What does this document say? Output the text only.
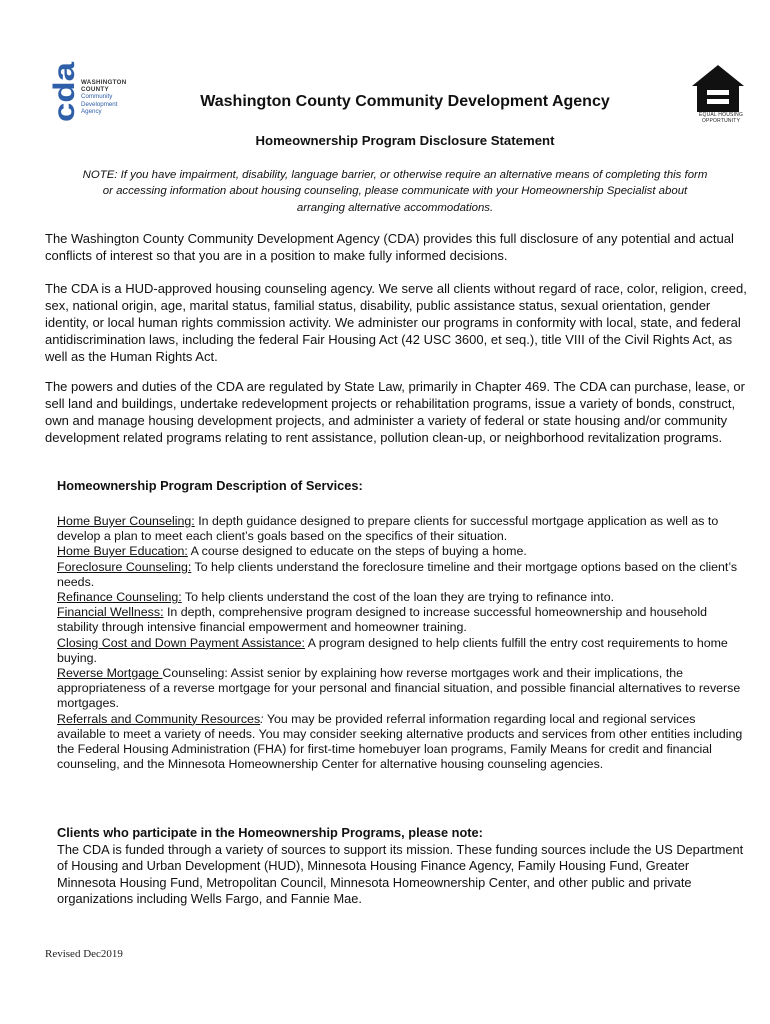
cda WASHINGTON
COUNTY
Community
Development
Agency
EQUAL HOUSING
OPPORTUNITY
Washington County Community Development Agency
Homeownership Program Disclosure Statement
NOTE: If you have impairment, disability, language barrier, or otherwise require an alternative means of completing this form
or accessing information about housing counseling, please communicate with your Homeownership Specialist about
arranging alternative accommodations.
The Washington County Community Development Agency (CDA) provides this full disclosure of any potential and actual conflicts of interest so that you are in a position to make fully informed decisions.
The CDA is a HUD-approved housing counseling agency. We serve all clients without regard of race, color, religion, creed, sex, national origin, age, marital status, familial status, disability, public assistance status, sexual orientation, gender identity, or local human rights commission activity. We administer our programs in conformity with local, state, and federal antidiscrimination laws, including the federal Fair Housing Act (42 USC 3600, et seq.), title VIII of the Civil Rights Act, as well as the Human Rights Act.
The powers and duties of the CDA are regulated by State Law, primarily in Chapter 469. The CDA can purchase, lease, or sell land and buildings, undertake redevelopment projects or rehabilitation programs, issue a variety of bonds, construct, own and manage housing development projects, and administer a variety of federal or state housing and/or community development related programs relating to rent assistance, pollution clean-up, or neighborhood revitalization programs.
Homeownership Program Description of Services:

Home Buyer Counseling: In depth guidance designed to prepare clients for successful mortgage application as well as to develop a plan to meet each client’s goals based on the specifics of their situation.

Home Buyer Education: A course designed to educate on the steps of buying a home.

Foreclosure Counseling: To help clients understand the foreclosure timeline and their mortgage options based on the client’s needs.

Refinance Counseling: To help clients understand the cost of the loan they are trying to refinance into.

Financial Wellness: In depth, comprehensive program designed to increase successful homeownership and household stability through intensive financial empowerment and homeowner training.

Closing Cost and Down Payment Assistance: A program designed to help clients fulfill the entry cost requirements to home buying.

Reverse Mortgage Counseling: Assist senior by explaining how reverse mortgages work and their implications, the appropriateness of a reverse mortgage for your personal and financial situation, and possible financial alternatives to reverse mortgages.

Referrals and Community Resources: You may be provided referral information regarding local and regional services available to meet a variety of needs. You may consider seeking alternative products and services from other entities including the Federal Housing Administration (FHA) for first-time homebuyer loan programs, Family Means for credit and financial counseling, and the Minnesota Homeownership Center for alternative housing counseling agencies.

Clients who participate in the Homeownership Programs, please note:
The CDA is funded through a variety of sources to support its mission. These funding sources include the US Department of Housing and Urban Development (HUD), Minnesota Housing Finance Agency, Family Housing Fund, Greater Minnesota Housing Fund, Metropolitan Council, Minnesota Homeownership Center, and other public and private organizations including Wells Fargo, and Fannie Mae.
Revised Dec2019
